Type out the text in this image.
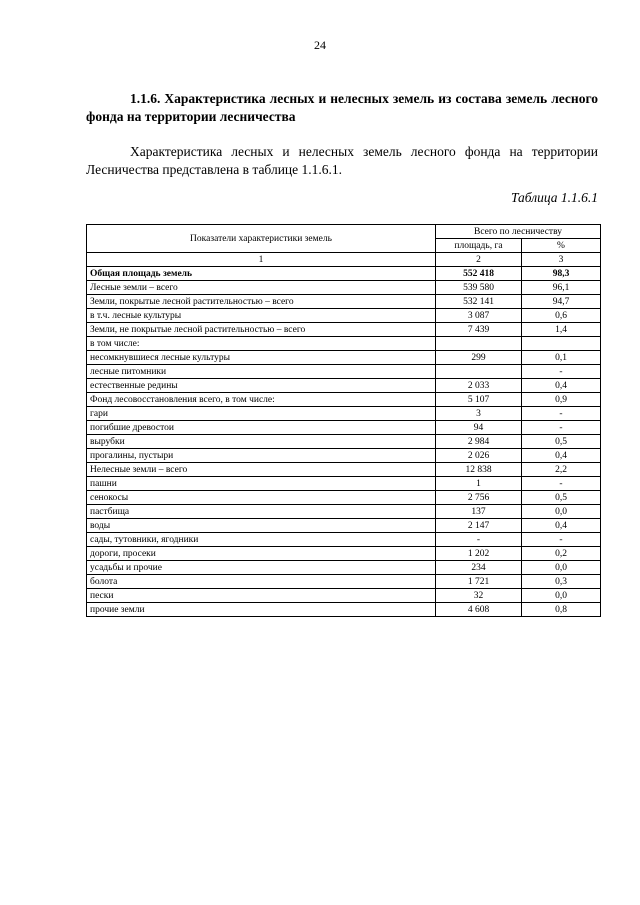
24

1.1.6. Характеристика лесных и нелесных земель из состава земель лесного фонда на территории лесничества

Характеристика лесных и нелесных земель лесного фонда на территории Лесничества представлена в таблице 1.1.6.1.

Таблица 1.1.6.1
Показатели характеристики земель	Всего по лесничеству	
	площадь, га	%
1	2	3
Общая площадь земель	552 418	98,3
Лесные земли – всего	539 580	96,1
Земли, покрытые лесной растительностью – всего	532 141	94,7
в т.ч. лесные культуры	3 087	0,6
Земли, не покрытые лесной растительностью – всего	7 439	1,4
в том числе:		
несомкнувшиеся лесные культуры	299	0,1
лесные питомники		-
естественные редины	2 033	0,4
Фонд лесовосстановления всего, в том числе:	5 107	0,9
гари	3	-
погибшие древостои	94	-
вырубки	2 984	0,5
прогалины, пустыри	2 026	0,4
Нелесные земли – всего	12 838	2,2
пашни	1	-
сенокосы	2 756	0,5
пастбища	137	0,0
воды	2 147	0,4
сады, тутовники, ягодники	-	-
дороги, просеки	1 202	0,2
усадьбы и прочие	234	0,0
болота	1 721	0,3
пески	32	0,0
прочие земли	4 608	0,8
